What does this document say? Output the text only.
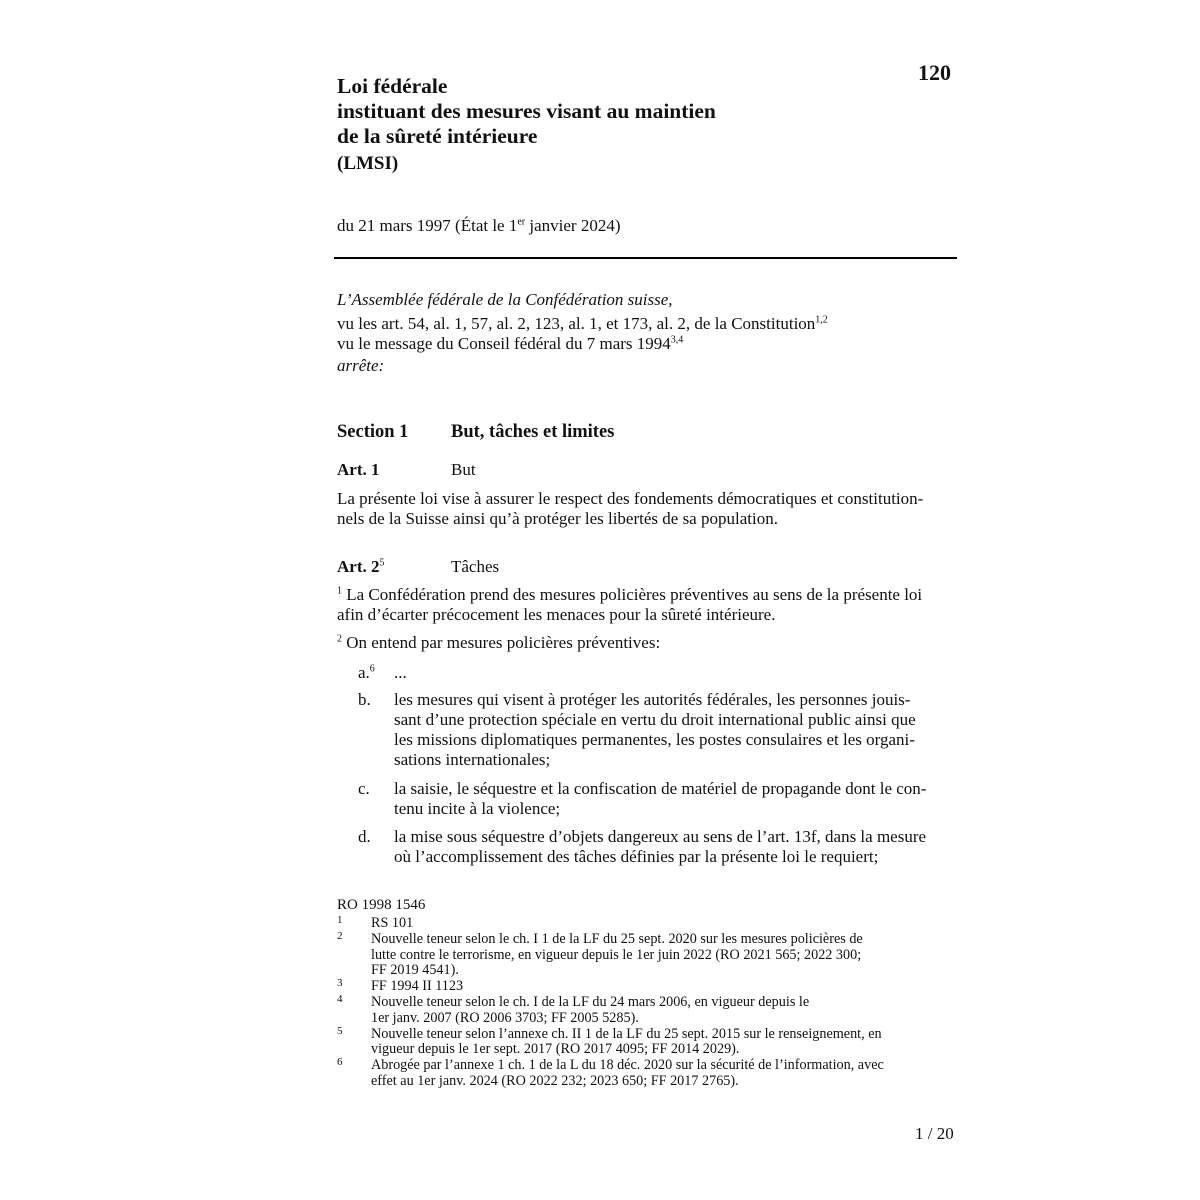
120
Loi fédérale
instituant des mesures visant au maintien
de la sûreté intérieure
(LMSI)
du 21 mars 1997 (État le 1er janvier 2024)
L’Assemblée fédérale de la Confédération suisse,
vu les art. 54, al. 1, 57, al. 2, 123, al. 1, et 173, al. 2, de la Constitution$^{1,2}$
vu le message du Conseil fédéral du 7 mars 1994$^{3,4}$
arrête:
Section 1 But, tâches et limites
Art. 1	But
La présente loi vise à assurer le respect des fondements démocratiques et constitution-
nels de la Suisse ainsi qu’à protéger les libertés de sa population.
Art. 2$^5$	Tâches
$^1$ La Confédération prend des mesures policières préventives au sens de la présente loi
afin d’écarter précocement les menaces pour la sûreté intérieure.
$^2$ On entend par mesures policières préventives:
a.$^6$ ...
b. les mesures qui visent à protéger les autorités fédérales, les personnes jouis-
sant d’une protection spéciale en vertu du droit international public ainsi que
les missions diplomatiques permanentes, les postes consulaires et les organi-
sations internationales;
c. la saisie, le séquestre et la confiscation de matériel de propagande dont le con-
tenu incite à la violence;
d. la mise sous séquestre d’objets dangereux au sens de l’art. 13f, dans la mesure
où l’accomplissement des tâches définies par la présente loi le requiert;
RO 1998 1546
1 RS 101
2 Nouvelle teneur selon le ch. I 1 de la LF du 25 sept. 2020 sur les mesures policières de
lutte contre le terrorisme, en vigueur depuis le 1er juin 2022 (RO 2021 565; 2022 300;
FF 2019 4541).
3 FF 1994 II 1123
4 Nouvelle teneur selon le ch. I de la LF du 24 mars 2006, en vigueur depuis le
1er janv. 2007 (RO 2006 3703; FF 2005 5285).
5 Nouvelle teneur selon l’annexe ch. II 1 de la LF du 25 sept. 2015 sur le renseignement, en
vigueur depuis le 1er sept. 2017 (RO 2017 4095; FF 2014 2029).
6 Abrogée par l’annexe 1 ch. 1 de la L du 18 déc. 2020 sur la sécurité de l’information, avec
effet au 1er janv. 2024 (RO 2022 232; 2023 650; FF 2017 2765).
1 / 20
